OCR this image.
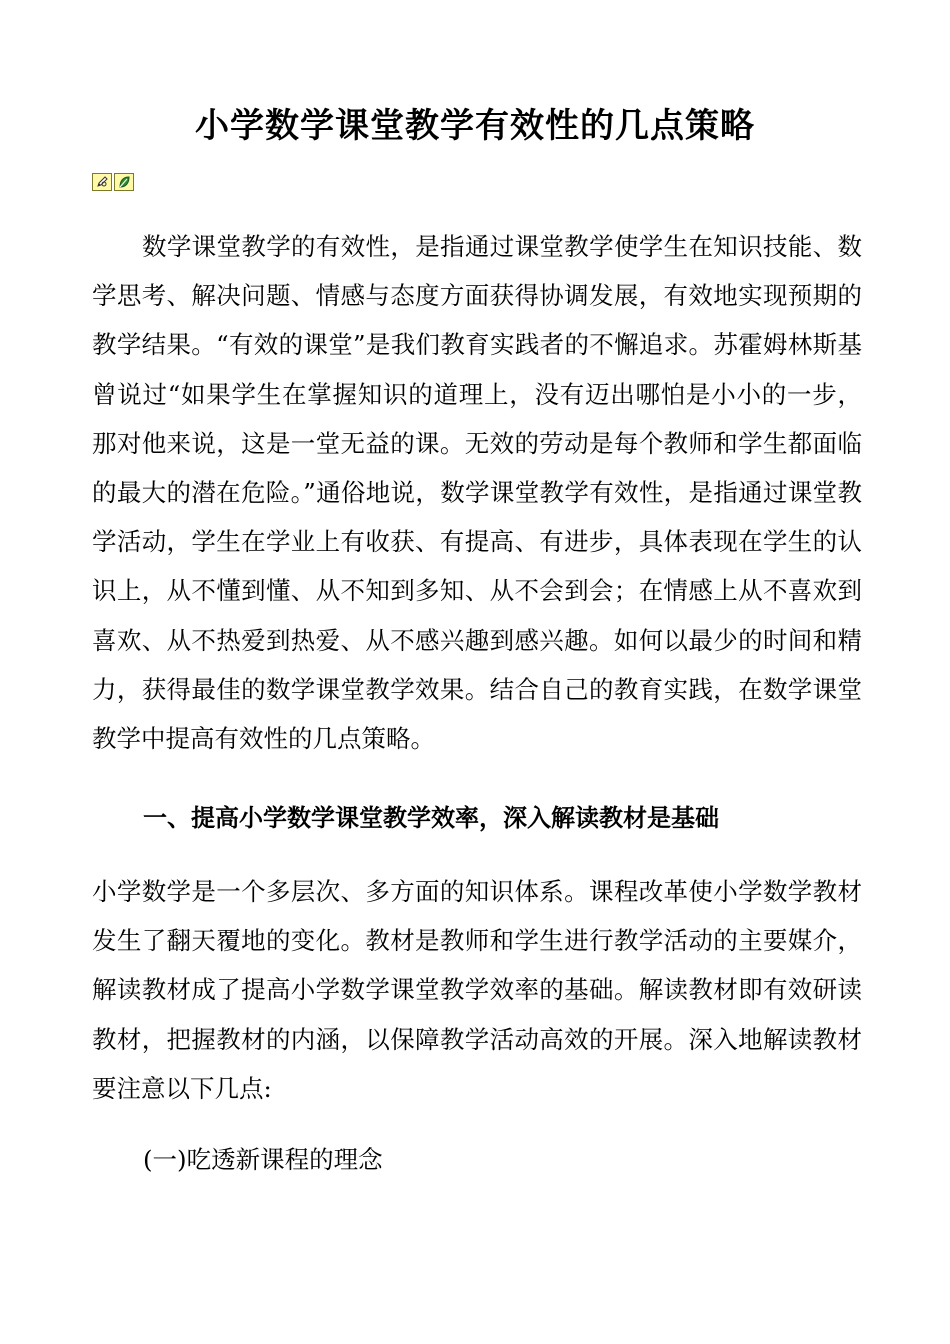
小学数学课堂教学有效性的几点策略
数学课堂教学的有效性，是指通过课堂教学使学生在知识技能、数学思考、解决问题、情感与态度方面获得协调发展，有效地实现预期的教学结果。“有效的课堂”是我们教育实践者的不懈追求。苏霍姆林斯基曾说过“如果学生在掌握知识的道理上，没有迈出哪怕是小小的一步，那对他来说，这是一堂无益的课。无效的劳动是每个教师和学生都面临的最大的潜在危险。”通俗地说，数学课堂教学有效性，是指通过课堂教学活动，学生在学业上有收获、有提高、有进步，具体表现在学生的认识上，从不懂到懂、从不知到多知、从不会到会；在情感上从不喜欢到喜欢、从不热爱到热爱、从不感兴趣到感兴趣。如何以最少的时间和精力，获得最佳的数学课堂教学效果。结合自己的教育实践，在数学课堂教学中提高有效性的几点策略。
一、提高小学数学课堂教学效率，深入解读教材是基础
小学数学是一个多层次、多方面的知识体系。课程改革使小学数学教材发生了翻天覆地的变化。教材是教师和学生进行教学活动的主要媒介，解读教材成了提高小学数学课堂教学效率的基础。解读教材即有效研读教材，把握教材的内涵，以保障教学活动高效的开展。深入地解读教材要注意以下几点:
(一)吃透新课程的理念
